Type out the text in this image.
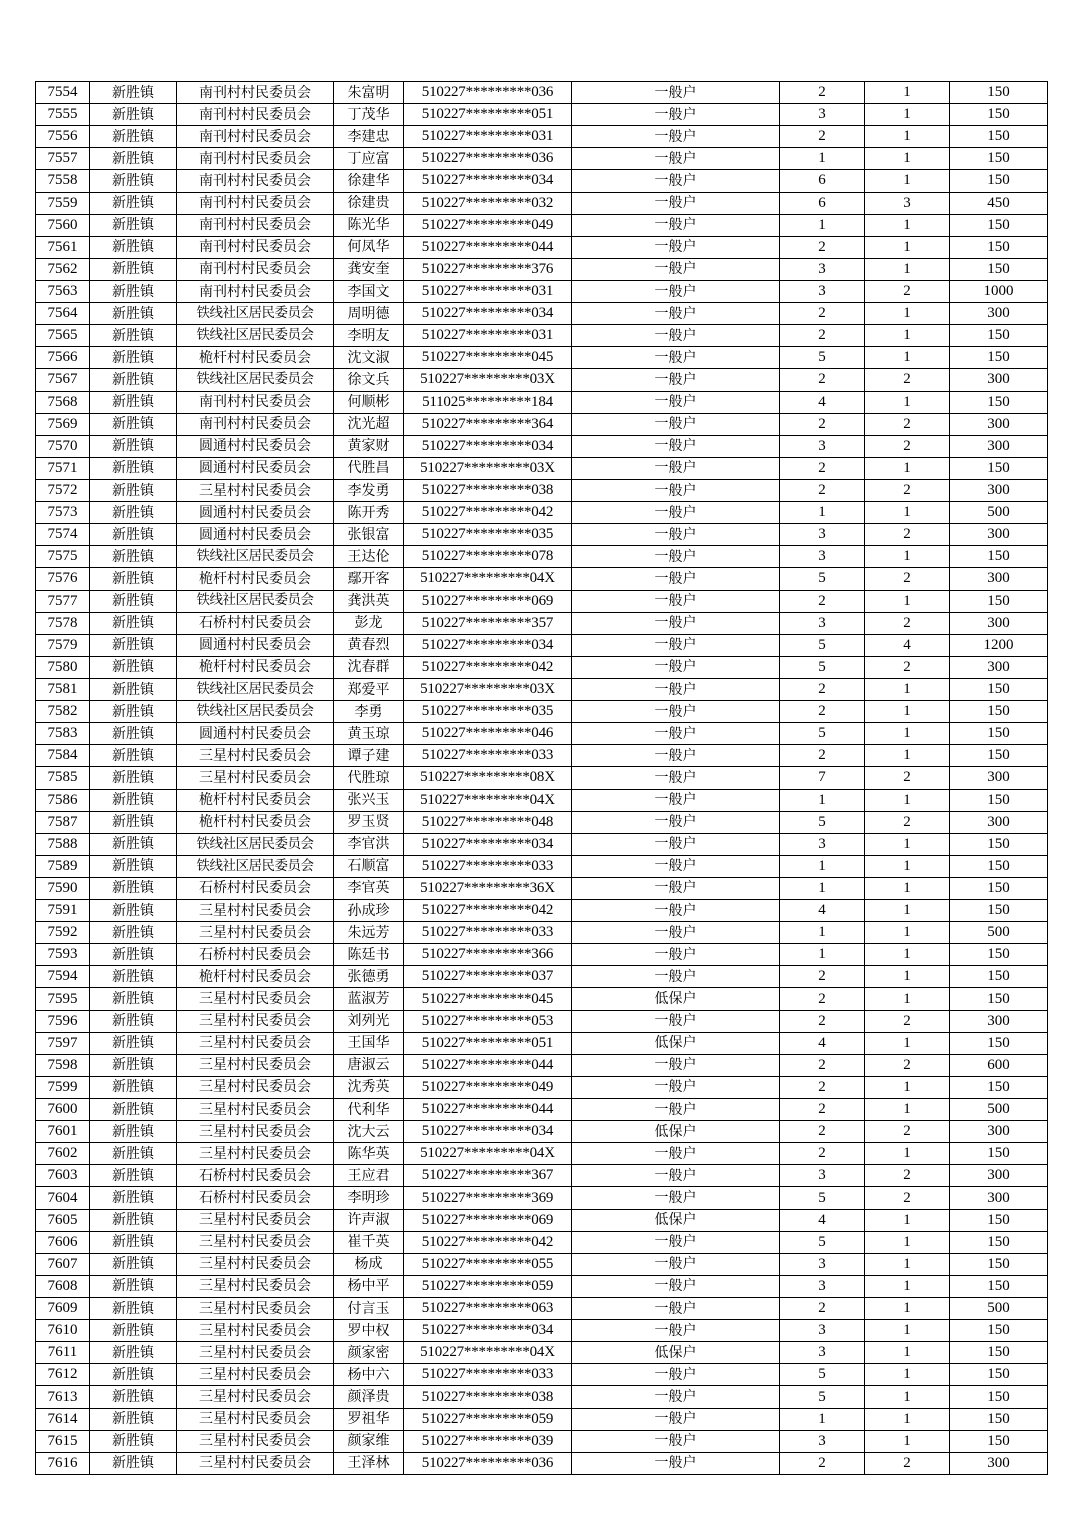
7554	新胜镇	南刊村村民委员会	朱富明	510227*********036	一般户	2	1	150
7555	新胜镇	南刊村村民委员会	丁茂华	510227*********051	一般户	3	1	150
7556	新胜镇	南刊村村民委员会	李建忠	510227*********031	一般户	2	1	150
7557	新胜镇	南刊村村民委员会	丁应富	510227*********036	一般户	1	1	150
7558	新胜镇	南刊村村民委员会	徐建华	510227*********034	一般户	6	1	150
7559	新胜镇	南刊村村民委员会	徐建贵	510227*********032	一般户	6	3	450
7560	新胜镇	南刊村村民委员会	陈光华	510227*********049	一般户	1	1	150
7561	新胜镇	南刊村村民委员会	何凤华	510227*********044	一般户	2	1	150
7562	新胜镇	南刊村村民委员会	龚安奎	510227*********376	一般户	3	1	150
7563	新胜镇	南刊村村民委员会	李国文	510227*********031	一般户	3	2	1000
7564	新胜镇	铁线社区居民委员会	周明德	510227*********034	一般户	2	1	300
7565	新胜镇	铁线社区居民委员会	李明友	510227*********031	一般户	2	1	150
7566	新胜镇	桅杆村村民委员会	沈文淑	510227*********045	一般户	5	1	150
7567	新胜镇	铁线社区居民委员会	徐文兵	510227*********03X	一般户	2	2	300
7568	新胜镇	南刊村村民委员会	何顺彬	511025*********184	一般户	4	1	150
7569	新胜镇	南刊村村民委员会	沈光超	510227*********364	一般户	2	2	300
7570	新胜镇	圆通村村民委员会	黄家财	510227*********034	一般户	3	2	300
7571	新胜镇	圆通村村民委员会	代胜昌	510227*********03X	一般户	2	1	150
7572	新胜镇	三星村村民委员会	李发勇	510227*********038	一般户	2	2	300
7573	新胜镇	圆通村村民委员会	陈开秀	510227*********042	一般户	1	1	500
7574	新胜镇	圆通村村民委员会	张银富	510227*********035	一般户	3	2	300
7575	新胜镇	铁线社区居民委员会	王达伦	510227*********078	一般户	3	1	150
7576	新胜镇	桅杆村村民委员会	鄢开客	510227*********04X	一般户	5	2	300
7577	新胜镇	铁线社区居民委员会	龚洪英	510227*********069	一般户	2	1	150
7578	新胜镇	石桥村村民委员会	彭龙	510227*********357	一般户	3	2	300
7579	新胜镇	圆通村村民委员会	黄春烈	510227*********034	一般户	5	4	1200
7580	新胜镇	桅杆村村民委员会	沈春群	510227*********042	一般户	5	2	300
7581	新胜镇	铁线社区居民委员会	郑爱平	510227*********03X	一般户	2	1	150
7582	新胜镇	铁线社区居民委员会	李勇	510227*********035	一般户	2	1	150
7583	新胜镇	圆通村村民委员会	黄玉琼	510227*********046	一般户	5	1	150
7584	新胜镇	三星村村民委员会	谭子建	510227*********033	一般户	2	1	150
7585	新胜镇	三星村村民委员会	代胜琼	510227*********08X	一般户	7	2	300
7586	新胜镇	桅杆村村民委员会	张兴玉	510227*********04X	一般户	1	1	150
7587	新胜镇	桅杆村村民委员会	罗玉贤	510227*********048	一般户	5	2	300
7588	新胜镇	铁线社区居民委员会	李官洪	510227*********034	一般户	3	1	150
7589	新胜镇	铁线社区居民委员会	石顺富	510227*********033	一般户	1	1	150
7590	新胜镇	石桥村村民委员会	李官英	510227*********36X	一般户	1	1	150
7591	新胜镇	三星村村民委员会	孙成珍	510227*********042	一般户	4	1	150
7592	新胜镇	三星村村民委员会	朱远芳	510227*********033	一般户	1	1	500
7593	新胜镇	石桥村村民委员会	陈廷书	510227*********366	一般户	1	1	150
7594	新胜镇	桅杆村村民委员会	张德勇	510227*********037	一般户	2	1	150
7595	新胜镇	三星村村民委员会	蓝淑芳	510227*********045	低保户	2	1	150
7596	新胜镇	三星村村民委员会	刘列光	510227*********053	一般户	2	2	300
7597	新胜镇	三星村村民委员会	王国华	510227*********051	低保户	4	1	150
7598	新胜镇	三星村村民委员会	唐淑云	510227*********044	一般户	2	2	600
7599	新胜镇	三星村村民委员会	沈秀英	510227*********049	一般户	2	1	150
7600	新胜镇	三星村村民委员会	代利华	510227*********044	一般户	2	1	500
7601	新胜镇	三星村村民委员会	沈大云	510227*********034	低保户	2	2	300
7602	新胜镇	三星村村民委员会	陈华英	510227*********04X	一般户	2	1	150
7603	新胜镇	石桥村村民委员会	王应君	510227*********367	一般户	3	2	300
7604	新胜镇	石桥村村民委员会	李明珍	510227*********369	一般户	5	2	300
7605	新胜镇	三星村村民委员会	许声淑	510227*********069	低保户	4	1	150
7606	新胜镇	三星村村民委员会	崔千英	510227*********042	一般户	5	1	150
7607	新胜镇	三星村村民委员会	杨成	510227*********055	一般户	3	1	150
7608	新胜镇	三星村村民委员会	杨中平	510227*********059	一般户	3	1	150
7609	新胜镇	三星村村民委员会	付言玉	510227*********063	一般户	2	1	500
7610	新胜镇	三星村村民委员会	罗中权	510227*********034	一般户	3	1	150
7611	新胜镇	三星村村民委员会	颜家密	510227*********04X	低保户	3	1	150
7612	新胜镇	三星村村民委员会	杨中六	510227*********033	一般户	5	1	150
7613	新胜镇	三星村村民委员会	颜泽贵	510227*********038	一般户	5	1	150
7614	新胜镇	三星村村民委员会	罗祖华	510227*********059	一般户	1	1	150
7615	新胜镇	三星村村民委员会	颜家维	510227*********039	一般户	3	1	150
7616	新胜镇	三星村村民委员会	王泽林	510227*********036	一般户	2	2	300
